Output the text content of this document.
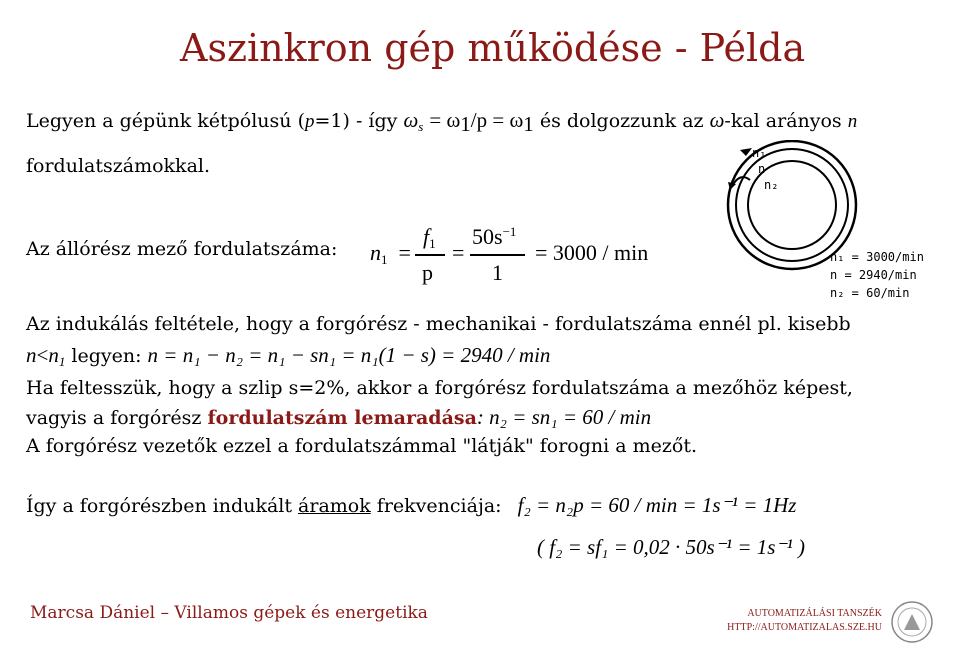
Aszinkron gép működése - Példa
Legyen a gépünk kétpólusú (p=1) - így $\omega_s = \omega_1/p = \omega_1$ és dolgozzunk az ω-kal arányos n
fordulatszámokkal.
Az állórész mező fordulatszáma: $n_1$  =
$f_1$
p
=
$50s^{-1}$
1
= 3000 / min
Az indukálás feltétele, hogy a forgórész - mechanikai - fordulatszáma ennél pl. kisebb
$n<n_1$ legyen: n = n₁ − n₂ = n₁ − sn₁ = n₁(1 − s) = 2940 / min
Ha feltesszük, hogy a szlip s=2%, akkor a forgórész fordulatszáma a mezőhöz képest,
vagyis a forgórész fordulatszám lemaradása: n₂ = sn₁ = 60 / min
A forgórész vezetők ezzel a fordulatszámmal "látják" forogni a mezőt.
Így a forgórészben indukált áramok frekvenciája: f₂ = n₂p = 60 / min = 1s⁻¹ = 1Hz
( f₂ = sf₁ = 0,02 · 50s⁻¹ = 1s⁻¹ )
n₁
n
n₂
n₁ = 3000/min
n = 2940/min
n₂ = 60/min
Marcsa Dániel – Villamos gépek és energetika	AUTOMATIZÁLÁSI TANSZÉK
HTTP://AUTOMATIZALAS.SZE.HU
